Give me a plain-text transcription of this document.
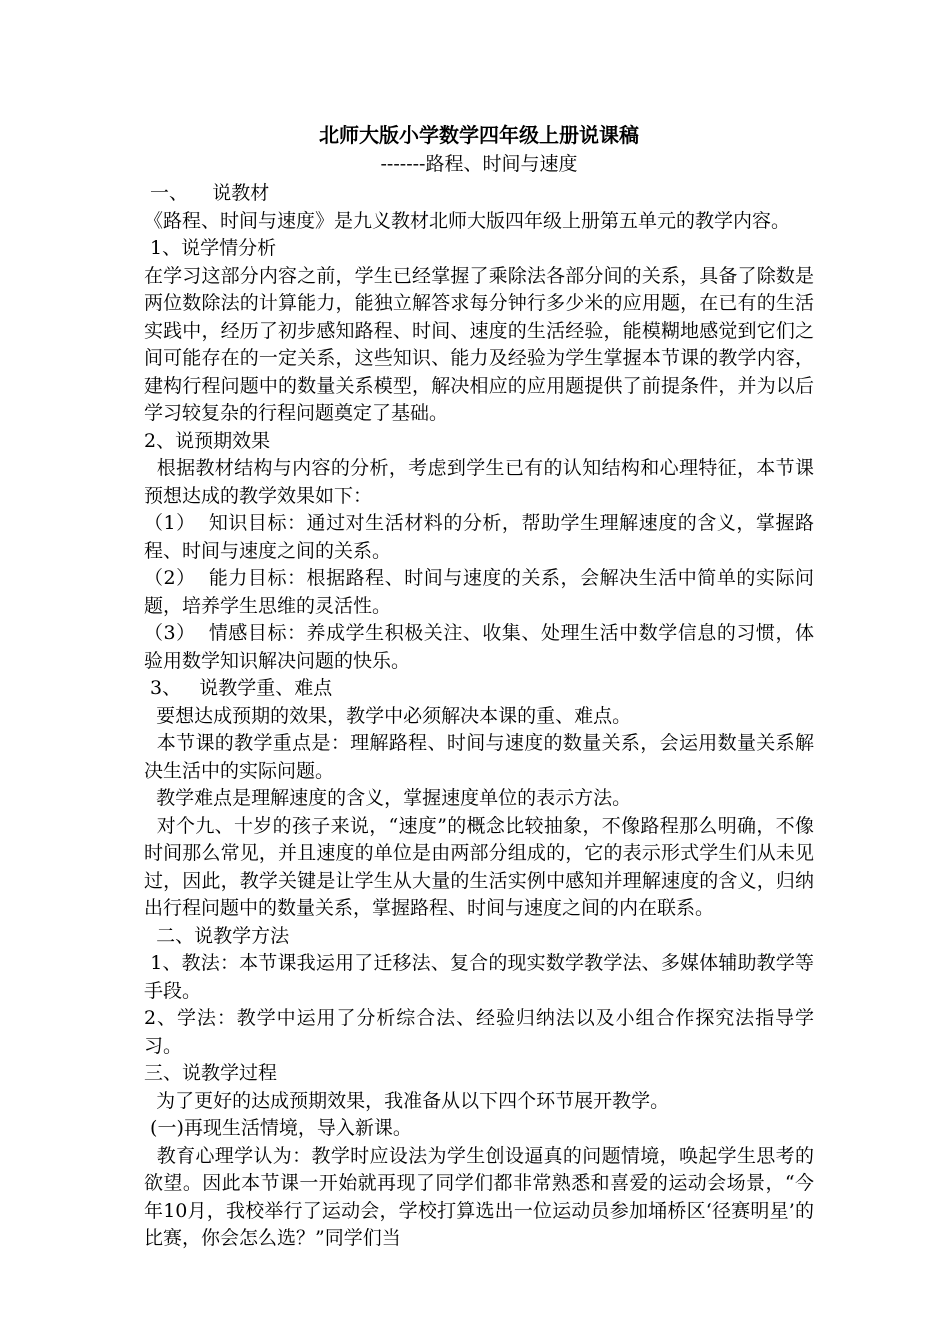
北师大版小学数学四年级上册说课稿
-------路程、时间与速度

一、    说教材

《路程、时间与速度》是九义教材北师大版四年级上册第五单元的教学内容。

1、说学情分析

在学习这部分内容之前，学生已经掌握了乘除法各部分间的关系，具备了除数是两位数除法的计算能力，能独立解答求每分钟行多少米的应用题，在已有的生活实践中，经历了初步感知路程、时间、速度的生活经验，能模糊地感觉到它们之间可能存在的一定关系，这些知识、能力及经验为学生掌握本节课的教学内容，建构行程问题中的数量关系模型，解决相应的应用题提供了前提条件，并为以后学习较复杂的行程问题奠定了基础。

2、说预期效果

根据教材结构与内容的分析，考虑到学生已有的认知结构和心理特征，本节课预想达成的教学效果如下：

（1）  知识目标：通过对生活材料的分析，帮助学生理解速度的含义，掌握路程、时间与速度之间的关系。

（2）  能力目标：根据路程、时间与速度的关系，会解决生活中简单的实际问题，培养学生思维的灵活性。

（3）  情感目标：养成学生积极关注、收集、处理生活中数学信息的习惯，体验用数学知识解决问题的快乐。

3、   说教学重、难点

要想达成预期的效果，教学中必须解决本课的重、难点。

本节课的教学重点是：理解路程、时间与速度的数量关系，会运用数量关系解决生活中的实际问题。

教学难点是理解速度的含义，掌握速度单位的表示方法。

对个九、十岁的孩子来说，“速度”的概念比较抽象，不像路程那么明确，不像时间那么常见，并且速度的单位是由两部分组成的，它的表示形式学生们从未见过，因此，教学关键是让学生从大量的生活实例中感知并理解速度的含义，归纳出行程问题中的数量关系，掌握路程、时间与速度之间的内在联系。

二、说教学方法

1、教法：本节课我运用了迁移法、复合的现实数学教学法、多媒体辅助教学等手段。

2、学法：教学中运用了分析综合法、经验归纳法以及小组合作探究法指导学习。

三、说教学过程

为了更好的达成预期效果，我准备从以下四个环节展开教学。

(一)再现生活情境，导入新课。

教育心理学认为：教学时应设法为学生创设逼真的问题情境，唤起学生思考的欲望。因此本节课一开始就再现了同学们都非常熟悉和喜爱的运动会场景，“今年10月，我校举行了运动会，学校打算选出一位运动员参加埇桥区‘径赛明星’的比赛，你会怎么选？”同学们当
